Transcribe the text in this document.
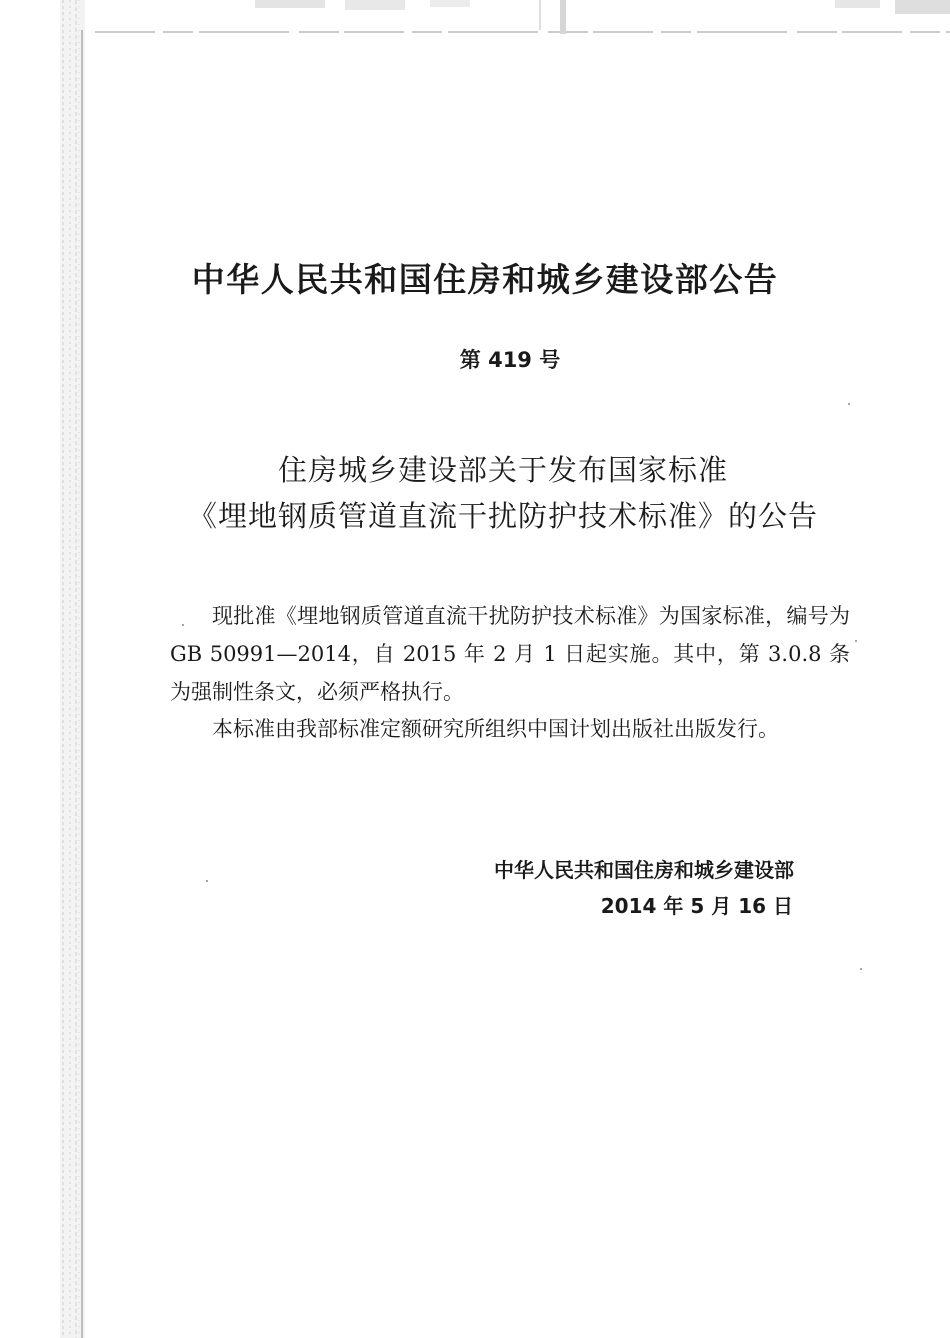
中华人民共和国住房和城乡建设部公告
第 419 号
住房城乡建设部关于发布国家标准
《埋地钢质管道直流干扰防护技术标准》的公告

现批准《埋地钢质管道直流干扰防护技术标准》为国家标准，编号为GB 50991—2014，自 2015 年 2 月 1 日起实施。其中，第 3.0.8 条为强制性条文，必须严格执行。

本标准由我部标准定额研究所组织中国计划出版社出版发行。

中华人民共和国住房和城乡建设部
2014 年 5 月 16 日
